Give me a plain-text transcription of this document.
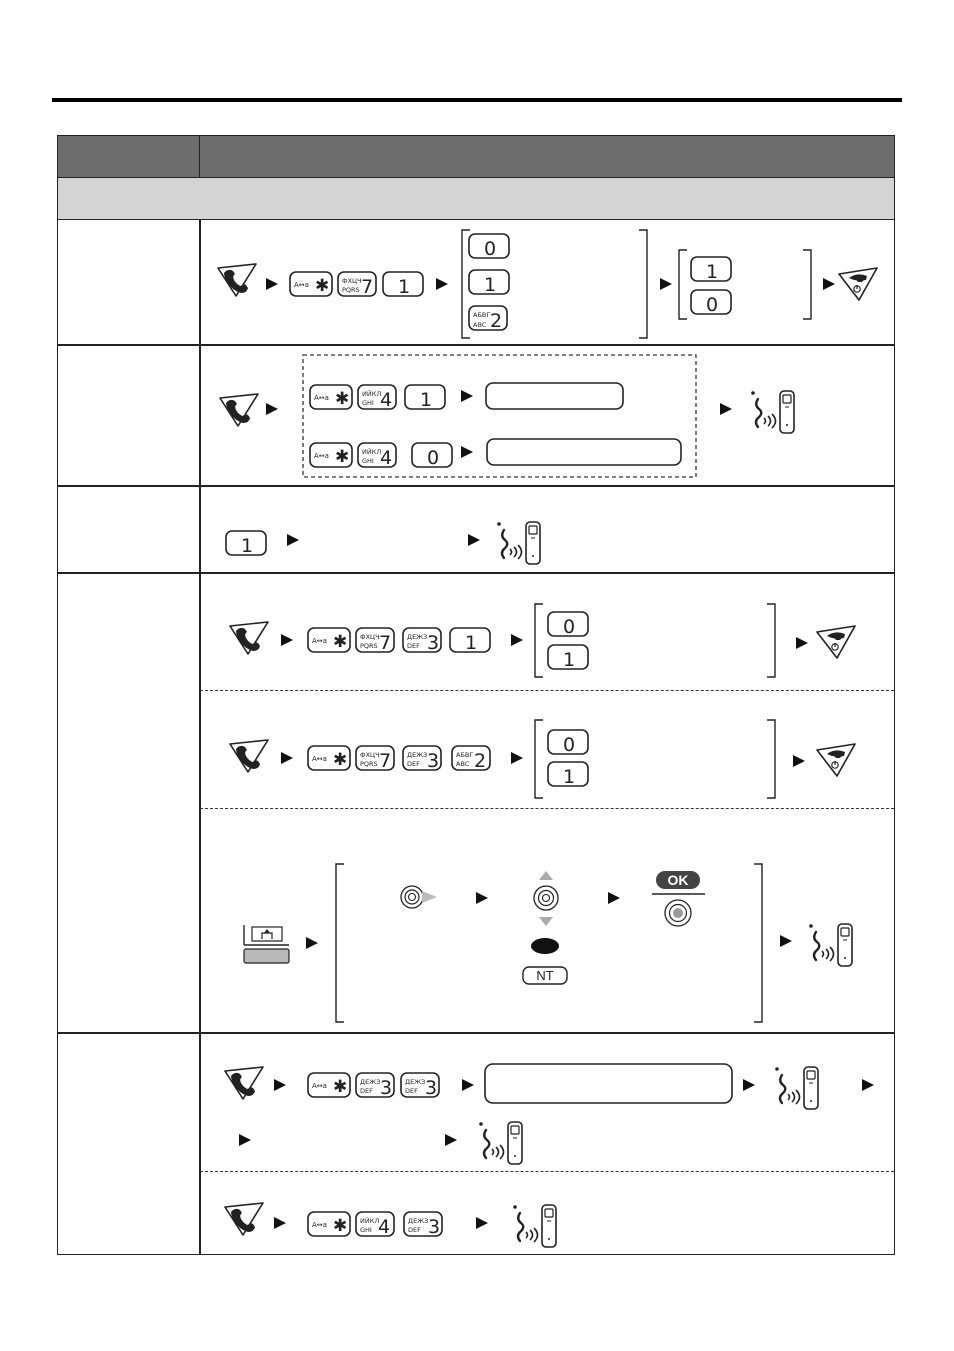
⊲
A↔a ✱
ФХЦЧ
PQRS 7 1
0
1
АБВГ
ABC 2
1
0
ИЙКЛ
GHI 4 1
ИЙКЛ
GHI 4 0
1
ФХЦЧ
PQRS 7 ДЕЖЗ
DEF 3 1
0
1
ФХЦЧ
PQRS 7 ДЕЖЗ
DEF 3	АБВГ
ABC 2
0
1
OK
NT
ДЕЖЗ
DEF 3 ДЕЖЗ
DEF 3
ИЙКЛ
GHI 4	ДЕЖЗ
DEF 3
